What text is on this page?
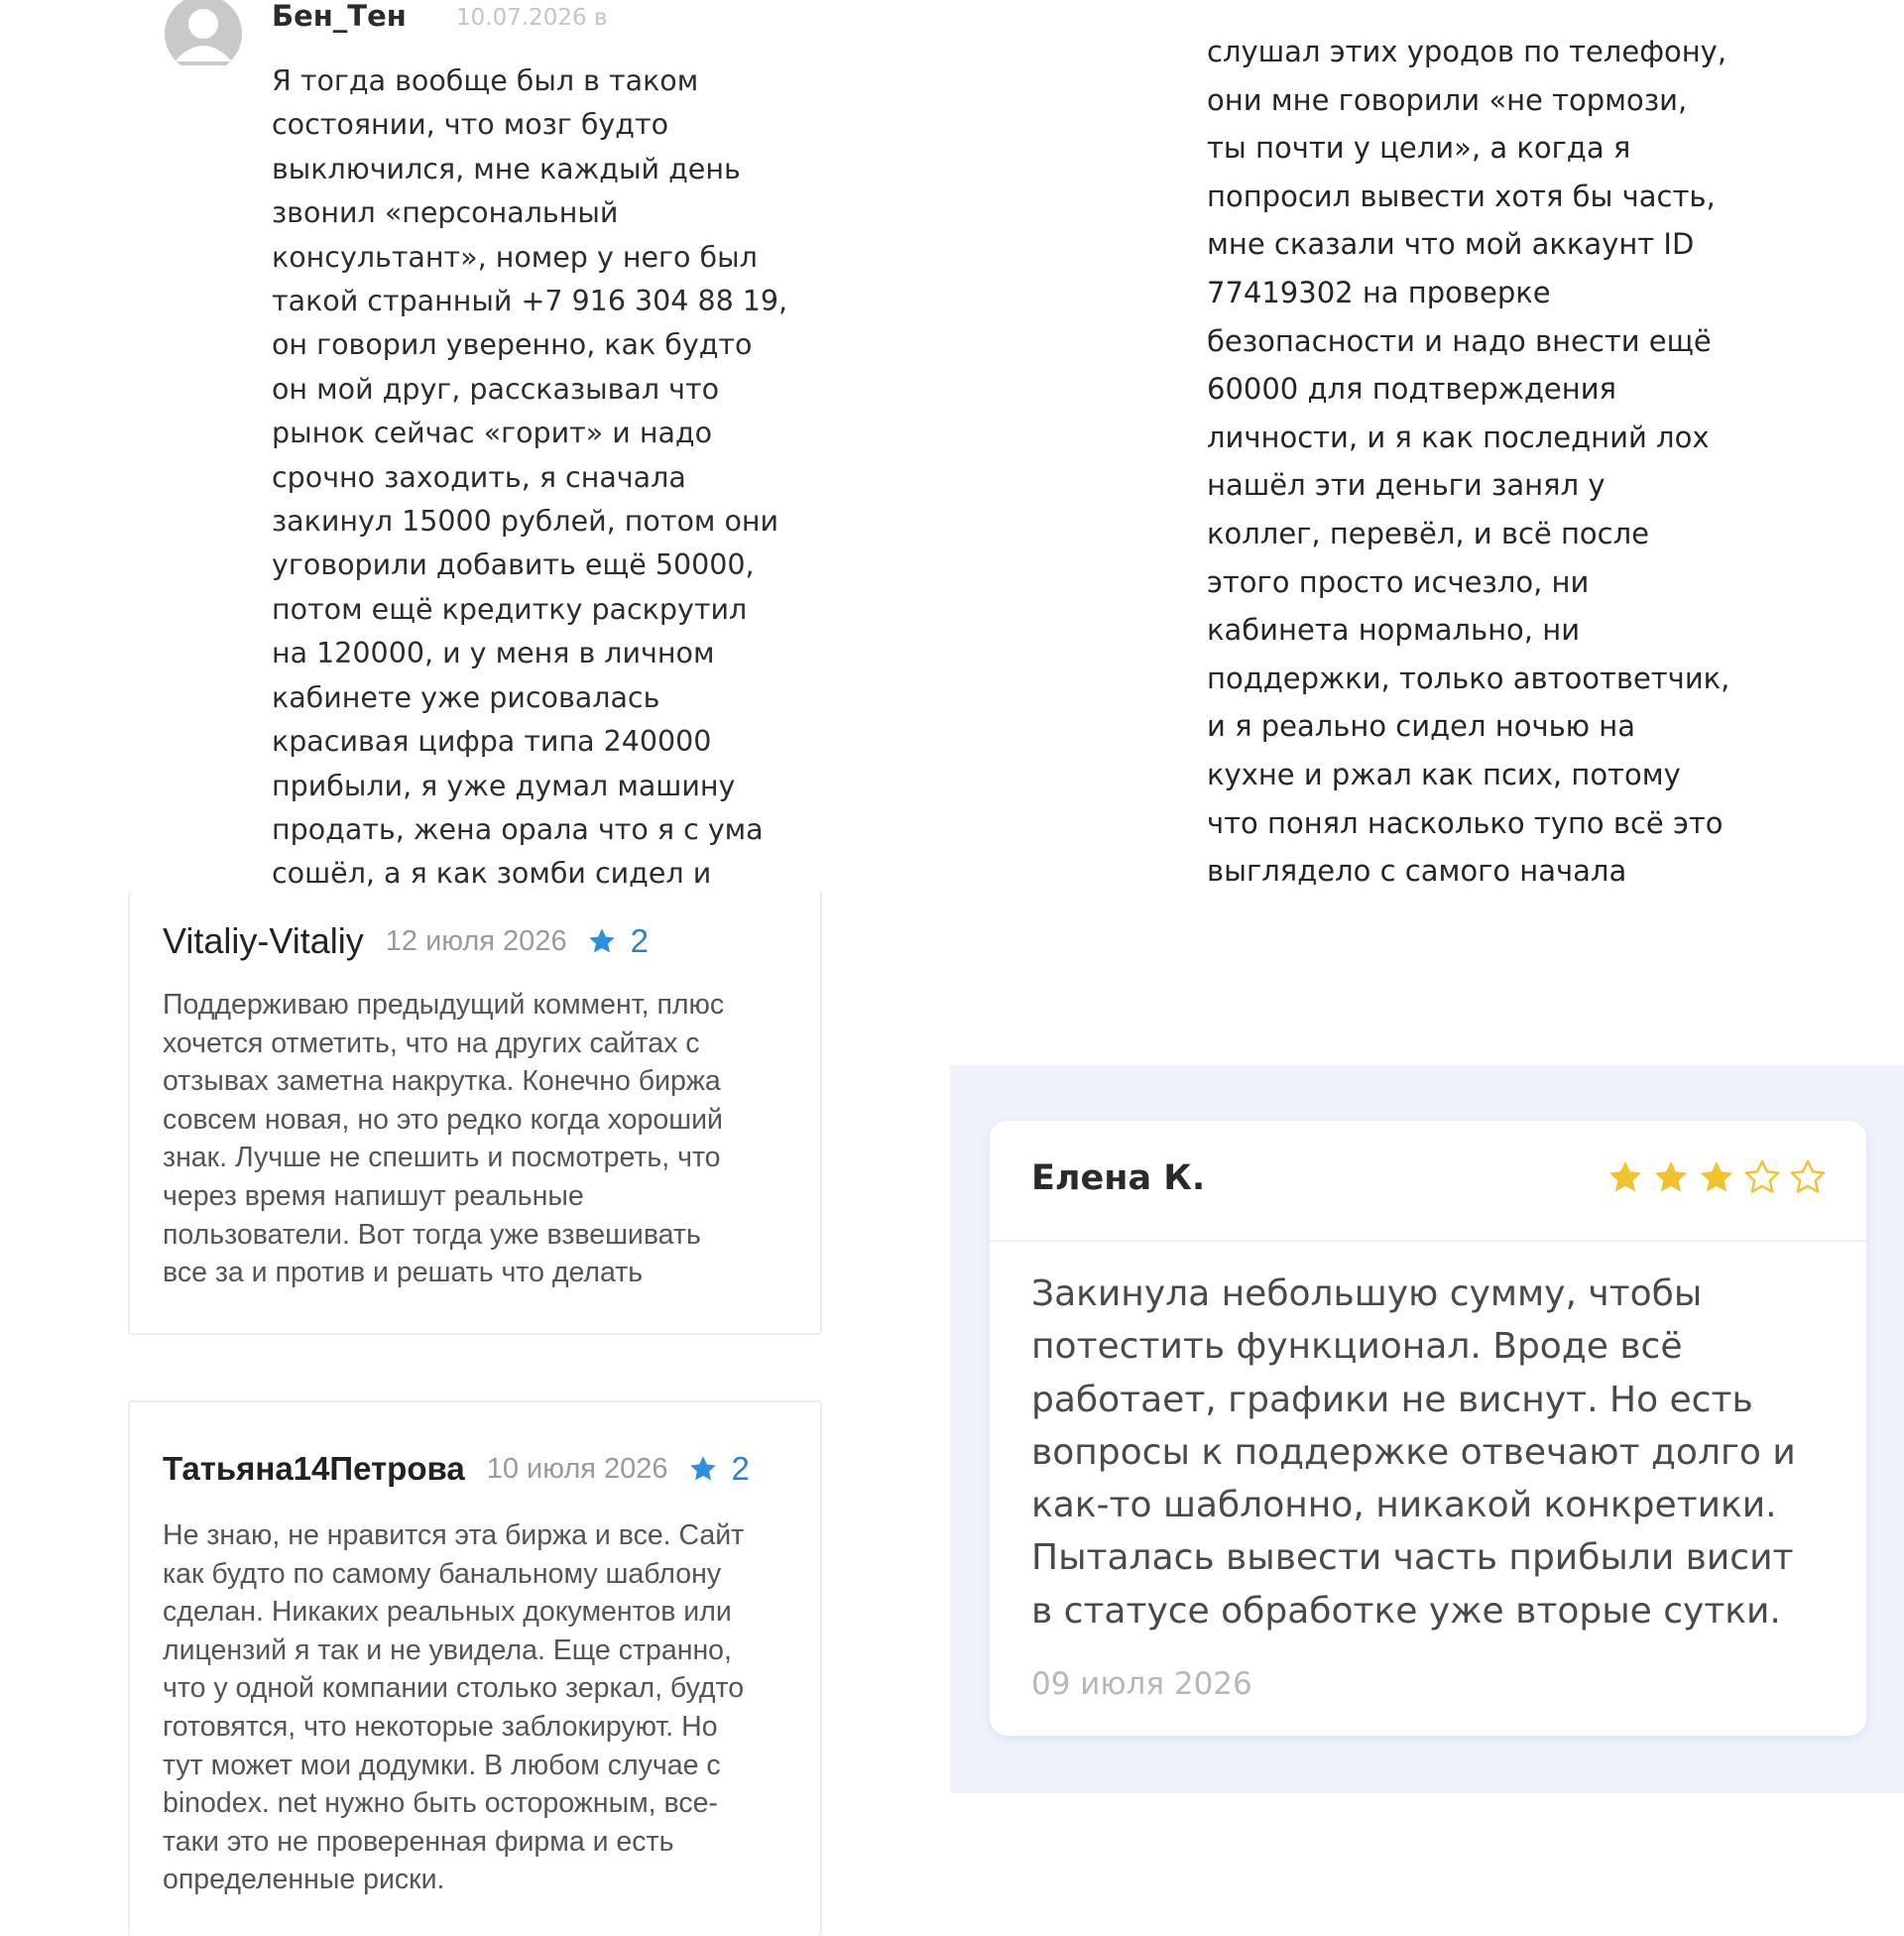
Бен_Тен 10.07.2026 в

Я тогда вообще был в таком
состоянии, что мозг будто
выключился, мне каждый день
звонил «персональный
консультант», номер у него был
такой странный +7 916 304 88 19,
он говорил уверенно, как будто
он мой друг, рассказывал что
рынок сейчас «горит» и надо
срочно заходить, я сначала
закинул 15000 рублей, потом они
уговорили добавить ещё 50000,
потом ещё кредитку раскрутил
на 120000, и у меня в личном
кабинете уже рисовалась
красивая цифра типа 240000
прибыли, я уже думал машину
продать, жена орала что я с ума
сошёл, а я как зомби сидел и

слушал этих уродов по телефону,
они мне говорили «не тормози,
ты почти у цели», а когда я
попросил вывести хотя бы часть,
мне сказали что мой аккаунт ID
77419302 на проверке
безопасности и надо внести ещё
60000 для подтверждения
личности, и я как последний лох
нашёл эти деньги занял у
коллег, перевёл, и всё после
этого просто исчезло, ни
кабинета нормально, ни
поддержки, только автоответчик,
и я реально сидел ночью на
кухне и ржал как псих, потому
что понял насколько тупо всё это
выглядело с самого начала

Vitaliy-Vitaliy 12 июля 2026 2

Поддерживаю предыдущий коммент, плюс
хочется отметить, что на других сайтах с
отзывах заметна накрутка. Конечно биржа
совсем новая, но это редко когда хороший
знак. Лучше не спешить и посмотреть, что
через время напишут реальные
пользователи. Вот тогда уже взвешивать
все за и против и решать что делать

Татьяна14Петрова 10 июля 2026 2

Не знаю, не нравится эта биржа и все. Сайт
как будто по самому банальному шаблону
сделан. Никаких реальных документов или
лицензий я так и не увидела. Еще странно,
что у одной компании столько зеркал, будто
готовятся, что некоторые заблокируют. Но
тут может мои додумки. В любом случае с
binodex. net нужно быть осторожным, все-
таки это не проверенная фирма и есть
определенные риски.

Елена К.

Закинула небольшую сумму, чтобы
потестить функционал. Вроде всё
работает, графики не виснут. Но есть
вопросы к поддержке отвечают долго и
как-то шаблонно, никакой конкретики.
Пыталась вывести часть прибыли висит
в статусе обработке уже вторые сутки.

09 июля 2026
